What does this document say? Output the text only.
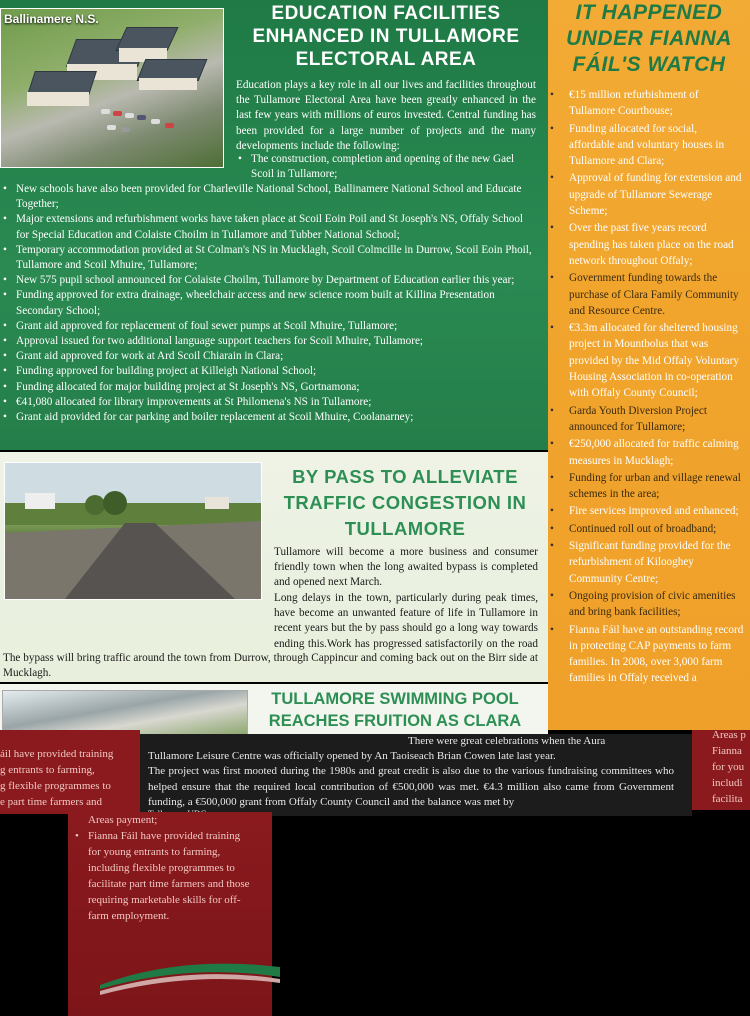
Ballinamere N.S.	EDUCATION FACILITIES
ENHANCED IN TULLAMORE
ELECTORAL AREA
Education plays a key role in all our lives and facilities throughout the Tullamore Electoral Area have been greatly enhanced in the last few years with millions of euros invested. Central funding has been provided for a large number of projects and the many developments include the following:
• The construction, completion and opening of the new Gael Scoil in Tullamore;
• New schools have also been provided for Charleville National School, Ballinamere National School and Educate Together;
• Major extensions and refurbishment works have taken place at Scoil Eoin Poil and St Joseph's NS, Offaly School for Special Education and Colaiste Choilm in Tullamore and Tubber National School;
• Temporary accommodation provided at St Colman's NS in Mucklagh, Scoil Colmcille in Durrow, Scoil Eoin Phoil, Tullamore and Scoil Mhuire, Tullamore;
• New 575 pupil school announced for Colaiste Choilm, Tullamore by Department of Education earlier this year;
• Funding approved for extra drainage, wheelchair access and new science room built at Killina Presentation Secondary School;
• Grant aid approved for replacement of foul sewer pumps at Scoil Mhuire, Tullamore;
• Approval issued for two additional language support teachers for Scoil Mhuire, Tullamore;
• Grant aid approved for work at Ard Scoil Chiarain in Clara;
• Funding approved for building project at Killeigh National School;
• Funding allocated for major building project at St Joseph's NS, Gortnamona;
• €41,080 allocated for library improvements at St Philomena's NS in Tullamore;
• Grant aid provided for car parking and boiler replacement at Scoil Mhuire, Coolanarney;
IT HAPPENED
UNDER FIANNA
FÁIL'S WATCH
• €15 million refurbishment of Tullamore Courthouse;
• Funding allocated for social, affordable and voluntary houses in Tullamore and Clara;
• Approval of funding for extension and upgrade of Tullamore Sewerage Scheme;
• Over the past five years record spending has taken place on the road network throughout Offaly;
• Government funding towards the purchase of Clara Family Community and Resource Centre.
• €3.3m allocated for sheltered housing project in Mountbolus that was provided by the Mid Offaly Voluntary Housing Association in co-operation with Offaly County Council;
• Garda Youth Diversion Project announced for Tullamore;
• €250,000 allocated for traffic calming measures in Mucklagh;
• Funding for urban and village renewal schemes in the area;
• Fire services improved and enhanced;
• Continued roll out of broadband;
• Significant funding provided for the refurbishment of Kilooghey Community Centre;
• Ongoing provision of civic amenities and bring bank facilities;
• Fianna Fáil have an outstanding record in protecting CAP payments to farm families. In 2008, over 3,000 farm families in Offaly received a
BY PASS TO ALLEVIATE
TRAFFIC CONGESTION IN
TULLAMORE
Tullamore will become a more business and consumer friendly town when the long awaited bypass is completed and opened next March.
Long delays in the town, particularly during peak times, have become an unwanted feature of life in Tullamore in
recent years but the by pass should go a long way towards ending this.Work has progressed satisfactorily on the road
The bypass will bring traffic around the town from Durrow, through Cappincur and coming back out on the Birr side at Mucklagh.
TULLAMORE SWIMMING POOL
REACHES FRUITION AS CLARA
áil have provided training
g entrants to farming,
g flexible programmes to
e part time farmers and
There were great celebrations when the Aura
Tullamore Leisure Centre was officially opened by An Taoiseach Brian Cowen late last year.
The project was first mooted during the 1980s and great credit is also due to the various fundraising committees who helped ensure that the required local contribution of €500,000 was met. €4.3 million also came from Government funding, a €500,000 grant from Offaly County Council and the balance was met by
Areas p
Fianna
for you
includi
facilita
Areas payment;
• Fianna Fáil have provided training for young entrants to farming, including flexible programmes to facilitate part time farmers and those requiring marketable skills for off-farm employment.
